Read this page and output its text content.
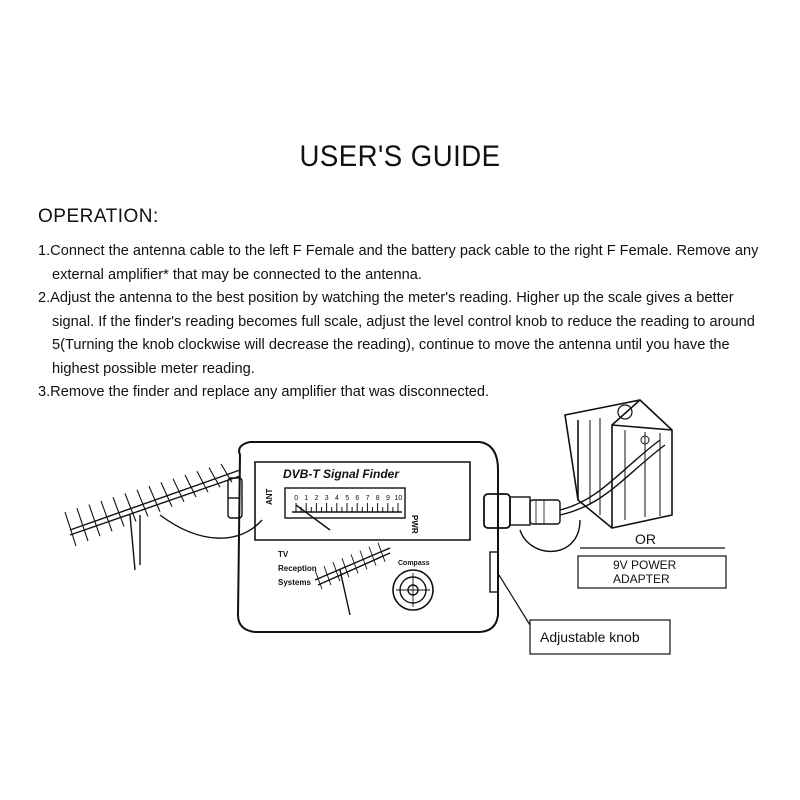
USER'S GUIDE
OPERATION:

1.Connect the antenna cable to the left F Female and the battery pack cable to the right F Female. Remove any external amplifier* that may be connected to the antenna.

2.Adjust the antenna to the best position by watching the meter's reading. Higher up the scale gives a better signal. If the finder's reading becomes full scale, adjust the level control knob to reduce the reading to around 5(Turning the knob clockwise will decrease the reading), continue to move the antenna until you have the highest possible meter reading.

3.Remove the finder and replace any amplifier that was disconnected.

DVB-T Signal Finder
ANT
PWR
0 1 2 3 4 5 6 7 8 9 10
TV
Reception
Systems
Compass
OR
9V POWER
ADAPTER
Adjustable knob
